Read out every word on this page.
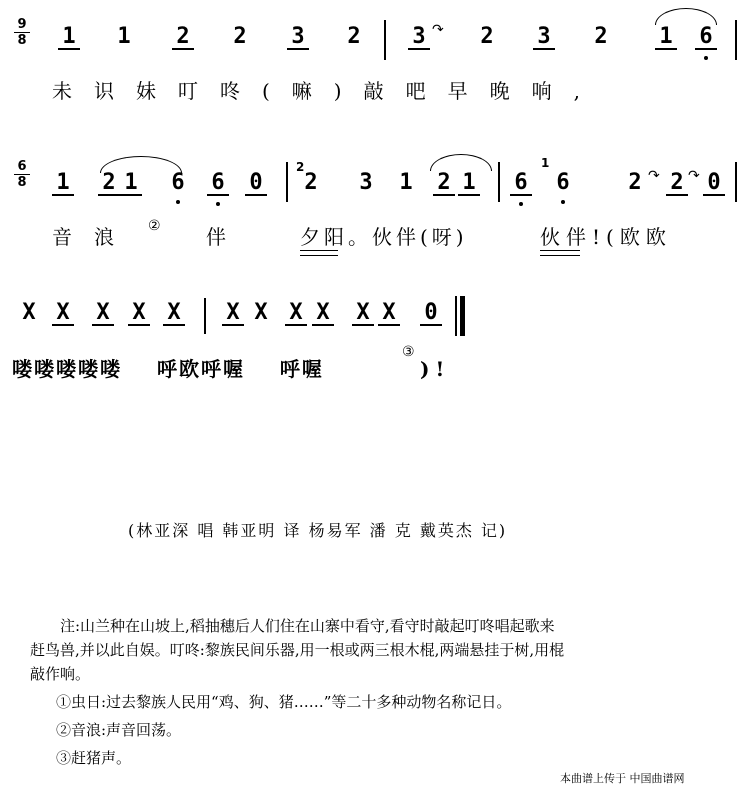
9
8 1 1 2 2 3 2 3 ↷ 2 3 2 1 6
未识妹叮咚(嘛)敲吧早晚响,
6
8 1 2 1 6 6 0
2
2 3 1 2 1 6
1
6	2 ↷ 2 ↷ 0
音浪 ② 伴	夕阳。伙伴(呀)	伙伴!(欧欧
X X X X X X X X X X X 0
喽喽喽喽喽 呼欧呼喔 呼喔
③
)!
(林亚深 唱 韩亚明 译 杨易军 潘 克 戴英杰 记)
注:山兰种在山坡上,稻抽穗后人们住在山寨中看守,看守时敲起叮咚唱起歌来
赶鸟兽,并以此自娱。叮咚:黎族民间乐器,用一根或两三根木棍,两端悬挂于树,用棍
敲作响。
①虫日:过去黎族人民用“鸡、狗、猪……”等二十多种动物名称记日。
②音浪:声音回荡。
③赶猪声。
本曲谱上传于 中国曲谱网
